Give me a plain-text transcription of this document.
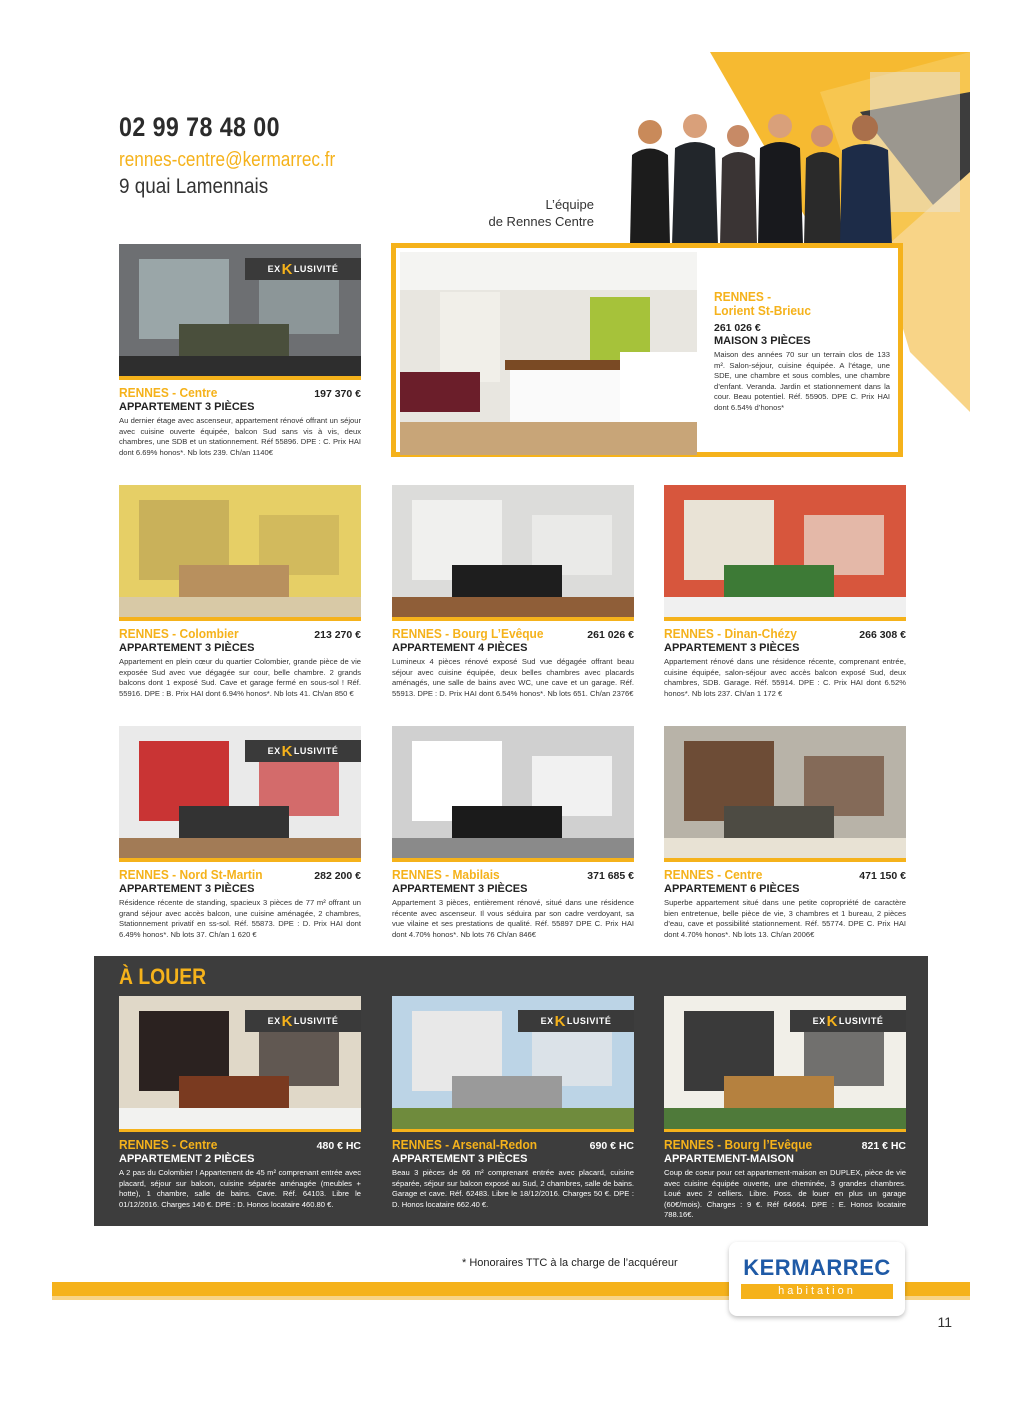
02 99 78 48 00
rennes-centre@kermarrec.fr
9 quai Lamennais
L’équipe
de Rennes Centre
RENNES -
Lorient St-Brieuc
261 026 €
MAISON 3 PIÈCES
Maison des années 70 sur un terrain clos de 133 m². Salon-séjour, cuisine équipée. A l’étage, une SDE, une chambre et sous combles, une chambre d’enfant. Veranda. Jardin et stationnement dans la cour. Beau potentiel. Réf. 55905. DPE C. Prix HAI dont 6.54% d’honos*
EX K LUSIVITÉ
RENNES - Centre	197 370 €
APPARTEMENT 3 PIÈCES
Au dernier étage avec ascenseur, appartement rénové offrant un séjour avec cuisine ouverte équipée, balcon Sud sans vis à vis, deux chambres, une SDB et un stationnement. Réf 55896. DPE : C. Prix HAI dont 6.69% honos*. Nb lots 239. Ch/an 1140€
RENNES - Colombier	213 270 €
APPARTEMENT 3 PIÈCES
Appartement en plein cœur du quartier Colombier, grande pièce de vie exposée Sud avec vue dégagée sur cour, belle chambre. 2 grands balcons dont 1 exposé Sud. Cave et garage fermé en sous-sol ! Réf. 55916. DPE : B. Prix HAI dont 6.94% honos*. Nb lots 41. Ch/an 850 €
RENNES - Bourg L’Evêque	261 026 €
APPARTEMENT 4 PIÈCES
Lumineux 4 pièces rénové exposé Sud vue dégagée offrant beau séjour avec cuisine équipée, deux belles chambres avec placards aménagés, une salle de bains avec WC, une cave et un garage. Réf. 55913. DPE : D. Prix HAI dont 6.54% honos*. Nb lots 651. Ch/an 2376€
RENNES - Dinan-Chézy	266 308 €
APPARTEMENT 3 PIÈCES
Appartement rénové dans une résidence récente, comprenant entrée, cuisine équipée, salon-séjour avec accès balcon exposé Sud, deux chambres, SDB. Garage. Réf. 55914. DPE : C. Prix HAI dont 6.52% honos*. Nb lots 237. Ch/an 1 172 €
EX K LUSIVITÉ
RENNES - Nord St-Martin	282 200 €
APPARTEMENT 3 PIÈCES
Résidence récente de standing, spacieux 3 pièces de 77 m² offrant un grand séjour avec accès balcon, une cuisine aménagée, 2 chambres, Stationnement privatif en ss-sol. Réf. 55873. DPE : D. Prix HAI dont 6.49% honos*. Nb lots 37. Ch/an 1 620 €
RENNES - Mabilais	371 685 €
APPARTEMENT 3 PIÈCES
Appartement 3 pièces, entièrement rénové, situé dans une résidence récente avec ascenseur. Il vous séduira par son cadre verdoyant, sa vue vilaine et ses prestations de qualité. Réf. 55897 DPE C. Prix HAI dont 4.70% honos*. Nb lots 76 Ch/an 846€
RENNES - Centre	471 150 €
APPARTEMENT 6 PIÈCES
Superbe appartement situé dans une petite copropriété de caractère bien entretenue, belle pièce de vie, 3 chambres et 1 bureau, 2 pièces d’eau, cave et possibilité stationnement. Réf. 55774. DPE C. Prix HAI dont 4.70% honos*. Nb lots 13. Ch/an 2006€
À LOUER
EX K LUSIVITÉ
RENNES - Centre	480 € HC
APPARTEMENT 2 PIÈCES
A 2 pas du Colombier ! Appartement de 45 m² comprenant entrée avec placard, séjour sur balcon, cuisine séparée aménagée (meubles + hotte), 1 chambre, salle de bains. Cave. Réf. 64103. Libre le 01/12/2016. Charges 140 €. DPE : D. Honos locataire 460.80 €.
EX K LUSIVITÉ
RENNES - Arsenal-Redon	690 € HC
APPARTEMENT 3 PIÈCES
Beau 3 pièces de 66 m² comprenant entrée avec placard, cuisine séparée, séjour sur balcon exposé au Sud, 2 chambres, salle de bains. Garage et cave. Réf. 62483. Libre le 18/12/2016. Charges 50 €. DPE : D. Honos locataire 662.40 €.
EX K LUSIVITÉ
RENNES - Bourg l’Evêque	821 € HC
APPARTEMENT-MAISON
Coup de coeur pour cet appartement-maison en DUPLEX, pièce de vie avec cuisine équipée ouverte, une cheminée, 3 grandes chambres. Loué avec 2 celliers. Libre. Poss. de louer en plus un garage (60€/mois). Charges : 9 €. Réf 64664. DPE : E. Honos locataire 788.16€.
* Honoraires TTC à la charge de l’acquéreur	KERMARREC
habitation
11
